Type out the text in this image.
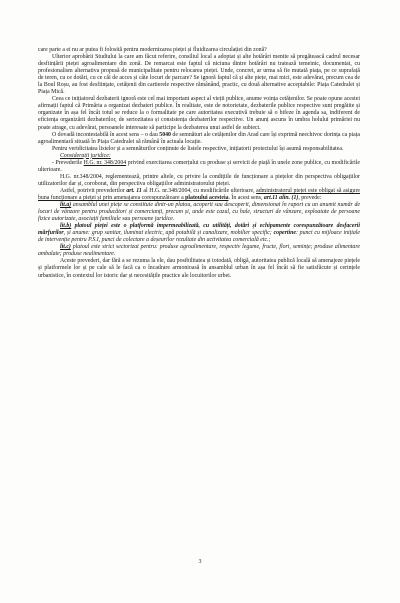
care parte a ei nu ar putea fi folosită pentru modernizarea pieței și fluidizarea circulației din zonă?

Ulterior aprobării Studiului la care am făcut referire, consiliul local a adoptat și alte hotărâri menite să pregătească cadrul necesar desființării pieței agroalimentare din zonă. De remarcat este faptul că niciuna dintre hotărâri nu tratează temeinic, documentat, cu profesionalism alternativa propusă de municipalitate pentru relocarea pieței. Unde, concret, ar urma să fie mutată piața, pe ce suprafață de teren, cu ce dotări, cu ce căi de acces și câte locuri de parcare? Se ignoră faptul că și alte piețe, mai mici, este adevărat, precum cea de la Boul Roșu, au fost desființate, cetățenii din cartierele respective rămânând, practic, cu două alternative acceptabile: Piața Catedralei și Piața Mică.

Ceea ce inițiatorul dezbaterii ignoră este cel mai important aspect al vieții publice, anume voința cetățenilor. Se poate opune acestei afirmații faptul că Primăria a organizat dezbateri publice. În realitate, este de notorietate, dezbaterile publice respective sunt pregătite și organizate în așa fel încât totul se reduce la o formalitate pe care autoritatea executivă trebuie să o bifeze în agenda sa, indiferent de eficiența organizării dezbaterilor, de seriozitatea și consistența dezbaterilor respective. Un anunț ascuns în umbra holului primăriei nu poate atrage, cu adevărat, persoanele interesate să participe la dezbaterea unui astfel de subiect.

O dovadă incontestabilă în acest sens – o dau 5040 de semnături ale cetățenilor din Arad care își exprimă neechivoc dorința ca piața agroalimentară situată în Piața Catedralei să rămână în actuala locație.

Pentru veridicitatea listelor și a semnăturilor conținute de listele respective, inițiatorii proiectului își asumă responsabilitatea.

Considerații juridice:

- Prevederile H.G. nr. 348/2004 privind exercitarea comerțului cu produse și servicii de piață în unele zone publice, cu modificările ulterioare.

H.G. nr.348/2004, reglementează, printre altele, cu privire la condițiile de funcționare a piețelor din perspectiva obligațiilor utilizatorilor dar și, coroborat, din perspectiva obligațiilor administratorului pieței.

Astfel, potrivit prevederilor art. 11 al H.G. nr.348/2004, cu modificările ulterioare, administratorul pieței este obligat să asigure buna funcționare a pieței și prin amenajarea corespunzătoare a platoului acesteia. În acest sens, art.11 alin. (1), prevede:

lit.a) ansamblul unei piețe se constituie dintr-un platou, acoperit sau descoperit, dimensionat în raport cu un anumit număr de locuri de vânzare pentru producători și comercianți, precum și, unde este cazul, cu hale, structuri de vânzare, exploatate de persoane fizice autorizate, asociații familiale sau persoane juridice.

lit.b) platoul pieței este o platformă impermeabilizată, cu utilități, dotări și echipamente corespunzătoare desfacerii mărfurilor, și anume: grup sanitar, iluminat electric, apă potabilă și canalizare, mobilier specific; copertine: punct cu mijloace inițiale de intervenție pentru P.S.I, punct de colectare a deșeurilor rezultate din activitatea comercială etc.;

lit.c) platoul este strict sectorizat pentru: produse agroalimentare, respectiv legume, fructe, flori, semințe; produse alimentare ambalate; produse nealimentare.

Aceste prevederi, dar fără a se rezuma la ele, dau posibilitatea și totodată, obligă, autoritatea publică locală să amenajeze piețele și platformele lor și pe cale să le facă ca o încadrare armonioasă în ansamblul urban în așa fel încât să fie satisfăcute și cerințele urbanistice, în contextul lor istoric dar și necesitățile practice ale locuitorilor urbei.

3
